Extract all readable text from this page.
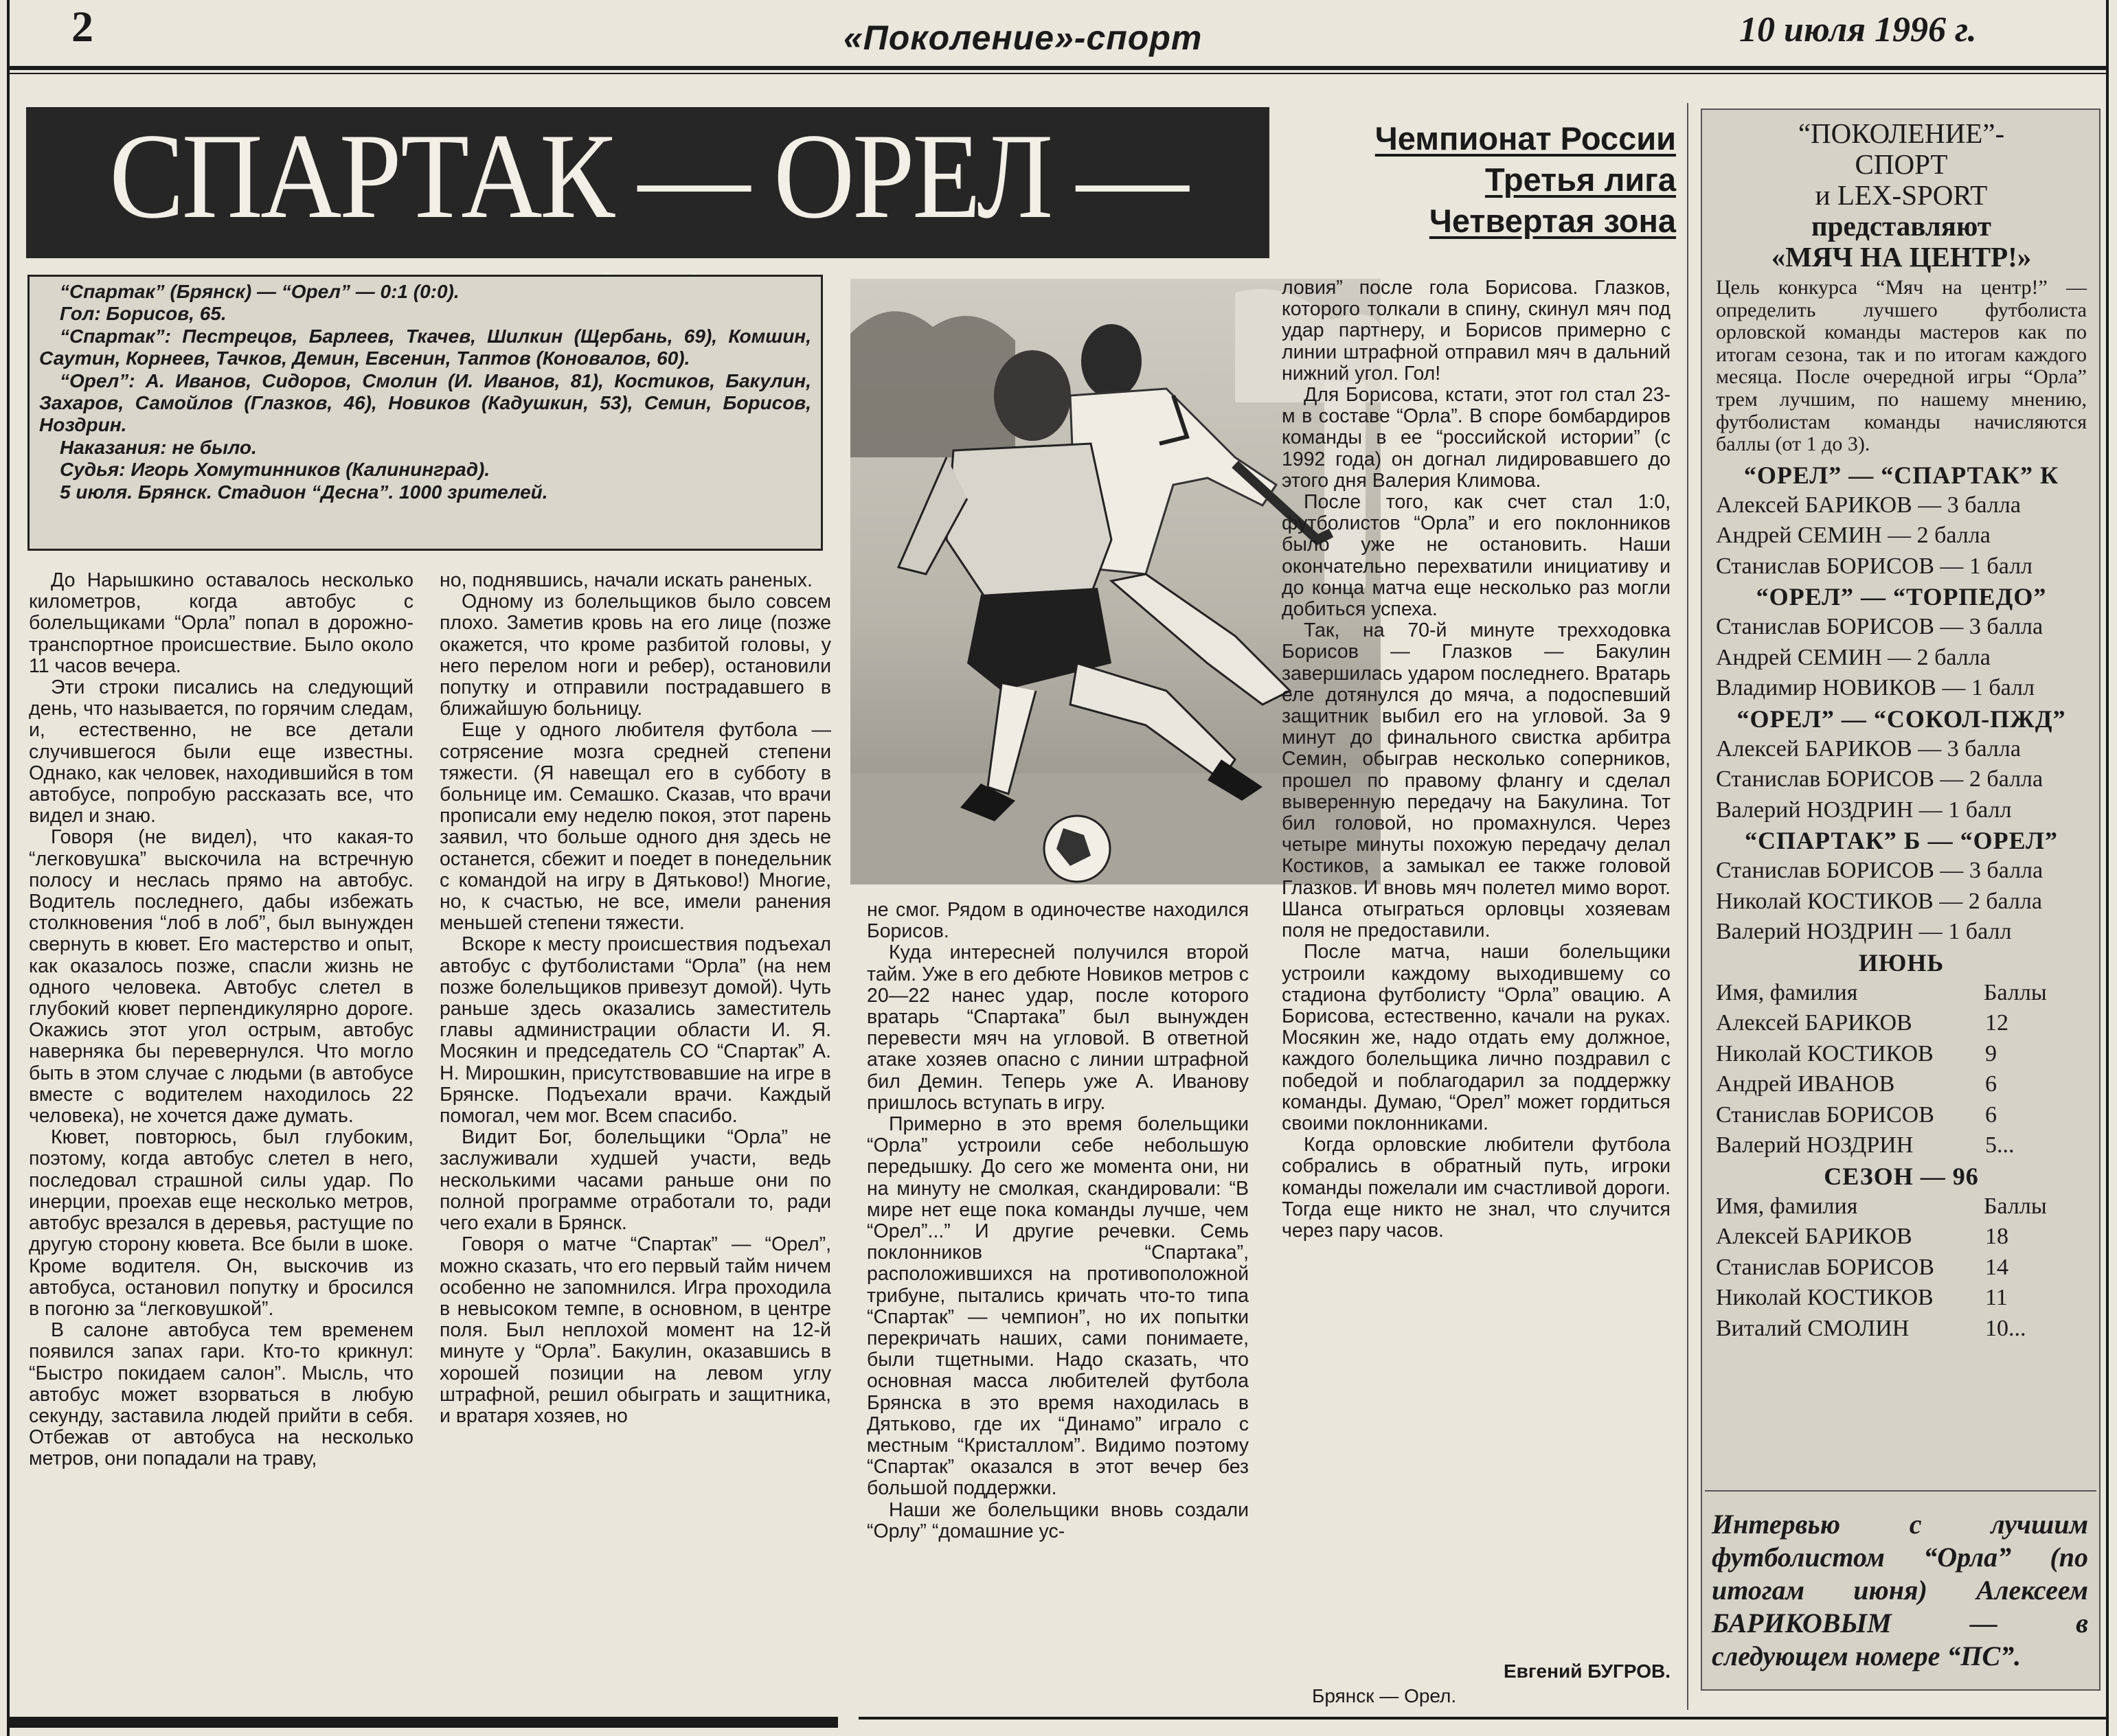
2	«Поколение»-спорт	10 июля 1996 г.
СПАРТАК — ОРЕЛ —	Чемпионат России
Третья лига
Четвертая зона

“Спартак” (Брянск) — “Орел” — 0:1 (0:0).

Гол: Борисов, 65.

“Спартак”: Пестрецов, Барлеев, Ткачев, Шилкин (Щербань, 69), Комшин, Саутин, Корнеев, Тачков, Демин, Евсенин, Таптов (Коновалов, 60).

“Орел”: А. Иванов, Сидоров, Смолин (И. Иванов, 81), Костиков, Бакулин, Захаров, Самойлов (Глазков, 46), Новиков (Кадушкин, 53), Семин, Борисов, Ноздрин.

Наказания: не было.

Судья: Игорь Хомутинников (Калининград).

5 июля. Брянск. Стадион “Десна”. 1000 зрителей.

До Нарышкино оставалось несколько километров, когда автобус с болельщиками “Орла” попал в дорожно-транспортное происшествие. Было около 11 часов вечера.

Эти строки писались на следующий день, что называется, по горячим следам, и, естественно, не все детали случившегося были еще известны. Однако, как человек, находившийся в том автобусе, попробую рассказать все, что видел и знаю.

Говоря (не видел), что какая-то “легковушка” выскочила на встречную полосу и неслась прямо на автобус. Водитель последнего, дабы избежать столкновения “лоб в лоб”, был вынужден свернуть в кювет. Его мастерство и опыт, как оказалось позже, спасли жизнь не одного человека. Автобус слетел в глубокий кювет перпендикулярно дороге. Окажись этот угол острым, автобус наверняка бы перевернулся. Что могло быть в этом случае с людьми (в автобусе вместе с водителем находилось 22 человека), не хочется даже думать.

Кювет, повторюсь, был глубоким, поэтому, когда автобус слетел в него, последовал страшной силы удар. По инерции, проехав еще несколько метров, автобус врезался в деревья, растущие по другую сторону кювета. Все были в шоке. Кроме водителя. Он, выскочив из автобуса, остановил попутку и бросился в погоню за “легковушкой”.

В салоне автобуса тем временем появился запах гари. Кто-то крикнул: “Быстро покидаем салон”. Мысль, что автобус может взорваться в любую секунду, заставила людей прийти в себя. Отбежав от автобуса на несколько метров, они попадали на траву,

но, поднявшись, начали искать раненых.

Одному из болельщиков было совсем плохо. Заметив кровь на его лице (позже окажется, что кроме разбитой головы, у него перелом ноги и ребер), остановили попутку и отправили пострадавшего в ближайшую больницу.

Еще у одного любителя футбола — сотрясение мозга средней степени тяжести. (Я навещал его в субботу в больнице им. Семашко. Сказав, что врачи прописали ему неделю покоя, этот парень заявил, что больше одного дня здесь не останется, сбежит и поедет в понедельник с командой на игру в Дятьково!) Многие, но, к счастью, не все, имели ранения меньшей степени тяжести.

Вскоре к месту происшествия подъехал автобус с футболистами “Орла” (на нем позже болельщиков привезут домой). Чуть раньше здесь оказались заместитель главы администрации области И. Я. Мосякин и председатель СО “Спартак” А. Н. Мирошкин, присутствовавшие на игре в Брянске. Подъехали врачи. Каждый помогал, чем мог. Всем спасибо.

Видит Бог, болельщики “Орла” не заслуживали худшей участи, ведь несколькими часами раньше они по полной программе отработали то, ради чего ехали в Брянск.

Говоря о матче “Спартак” — “Орел”, можно сказать, что его первый тайм ничем особенно не запомнился. Игра проходила в невысоком темпе, в основном, в центре поля. Был неплохой момент на 12-й минуте у “Орла”. Бакулин, оказавшись в хорошей позиции на левом углу штрафной, решил обыграть и защитника, и вратаря хозяев, но

не смог. Рядом в одиночестве находился Борисов.

Куда интересней получился второй тайм. Уже в его дебюте Новиков метров с 20—22 нанес удар, после которого вратарь “Спартака” был вынужден перевести мяч на угловой. В ответной атаке хозяев опасно с линии штрафной бил Демин. Теперь уже А. Иванову пришлось вступать в игру.

Примерно в это время болельщики “Орла” устроили себе небольшую передышку. До сего же момента они, ни на минуту не смолкая, скандировали: “В мире нет еще пока команды лучше, чем “Орел”...” И другие речевки. Семь поклонников “Спартака”, расположившихся на противоположной трибуне, пытались кричать что-то типа “Спартак” — чемпион”, но их попытки перекричать наших, сами понимаете, были тщетными. Надо сказать, что основная масса любителей футбола Брянска в это время находилась в Дятьково, где их “Динамо” играло с местным “Кристаллом”. Видимо поэтому “Спартак” оказался в этот вечер без большой поддержки.

Наши же болельщики вновь создали “Орлу” “домашние ус-

ловия” после гола Борисова. Глазков, которого толкали в спину, скинул мяч под удар партнеру, и Борисов примерно с линии штрафной отправил мяч в дальний нижний угол. Гол!

Для Борисова, кстати, этот гол стал 23-м в составе “Орла”. В споре бомбардиров команды в ее “российской истории” (с 1992 года) он догнал лидировавшего до этого дня Валерия Климова.

После того, как счет стал 1:0, футболистов “Орла” и его поклонников было уже не остановить. Наши окончательно перехватили инициативу и до конца матча еще несколько раз могли добиться успеха.

Так, на 70-й минуте трехходовка Борисов — Глазков — Бакулин завершилась ударом последнего. Вратарь еле дотянулся до мяча, а подоспевший защитник выбил его на угловой. За 9 минут до финального свистка арбитра Семин, обыграв несколько соперников, прошел по правому флангу и сделал выверенную передачу на Бакулина. Тот бил головой, но промахнулся. Через четыре минуты похожую передачу делал Костиков, а замыкал ее также головой Глазков. И вновь мяч полетел мимо ворот. Шанса отыграться орловцы хозяевам поля не предоставили.

После матча, наши болельщики устроили каждому выходившему со стадиона футболисту “Орла” овацию. А Борисова, естественно, качали на руках. Мосякин же, надо отдать ему должное, каждого болельщика лично поздравил с победой и поблагодарил за поддержку команды. Думаю, “Орел” может гордиться своими поклонниками.

Когда орловские любители футбола собрались в обратный путь, игроки команды пожелали им счастливой дороги. Тогда еще никто не знал, что случится через пару часов.

Евгений БУГРОВ.
Брянск — Орел.
“ПОКОЛЕНИЕ”-
СПОРТ
и LEX-SPORT
представляют
«МЯЧ НА ЦЕНТР!»
Цель конкурса “Мяч на центр!” — определить лучшего футболиста орловской команды мастеров как по итогам сезона, так и по итогам каждого месяца. После очередной игры “Орла” трем лучшим, по нашему мнению, футболистам команды начисляются баллы (от 1 до 3).
“ОРЕЛ” — “СПАРТАК” К
Алексей БАРИКОВ — 3 балла
Андрей СЕМИН — 2 балла
Станислав БОРИСОВ — 1 балл
“ОРЕЛ” — “ТОРПЕДО”
Станислав БОРИСОВ — 3 балла
Андрей СЕМИН — 2 балла
Владимир НОВИКОВ — 1 балл
“ОРЕЛ” — “СОКОЛ-ПЖД”
Алексей БАРИКОВ — 3 балла
Станислав БОРИСОВ — 2 балла
Валерий НОЗДРИН — 1 балл
“СПАРТАК” Б — “ОРЕЛ”
Станислав БОРИСОВ — 3 балла
Николай КОСТИКОВ — 2 балла
Валерий НОЗДРИН — 1 балл
ИЮНЬ
Имя, фамилия	Баллы
Алексей БАРИКОВ	12
Николай КОСТИКОВ 9
Андрей ИВАНОВ	6
Станислав БОРИСОВ 6
Валерий НОЗДРИН	5...
СЕЗОН — 96
Имя, фамилия	Баллы
Алексей БАРИКОВ	18
Станислав БОРИСОВ 14
Николай КОСТИКОВ 11
Виталий СМОЛИН	10...
Интервью с лучшим футболистом “Орла” (по итогам июня) Алексеем БАРИКОВЫМ — в следующем номере “ПС”.
